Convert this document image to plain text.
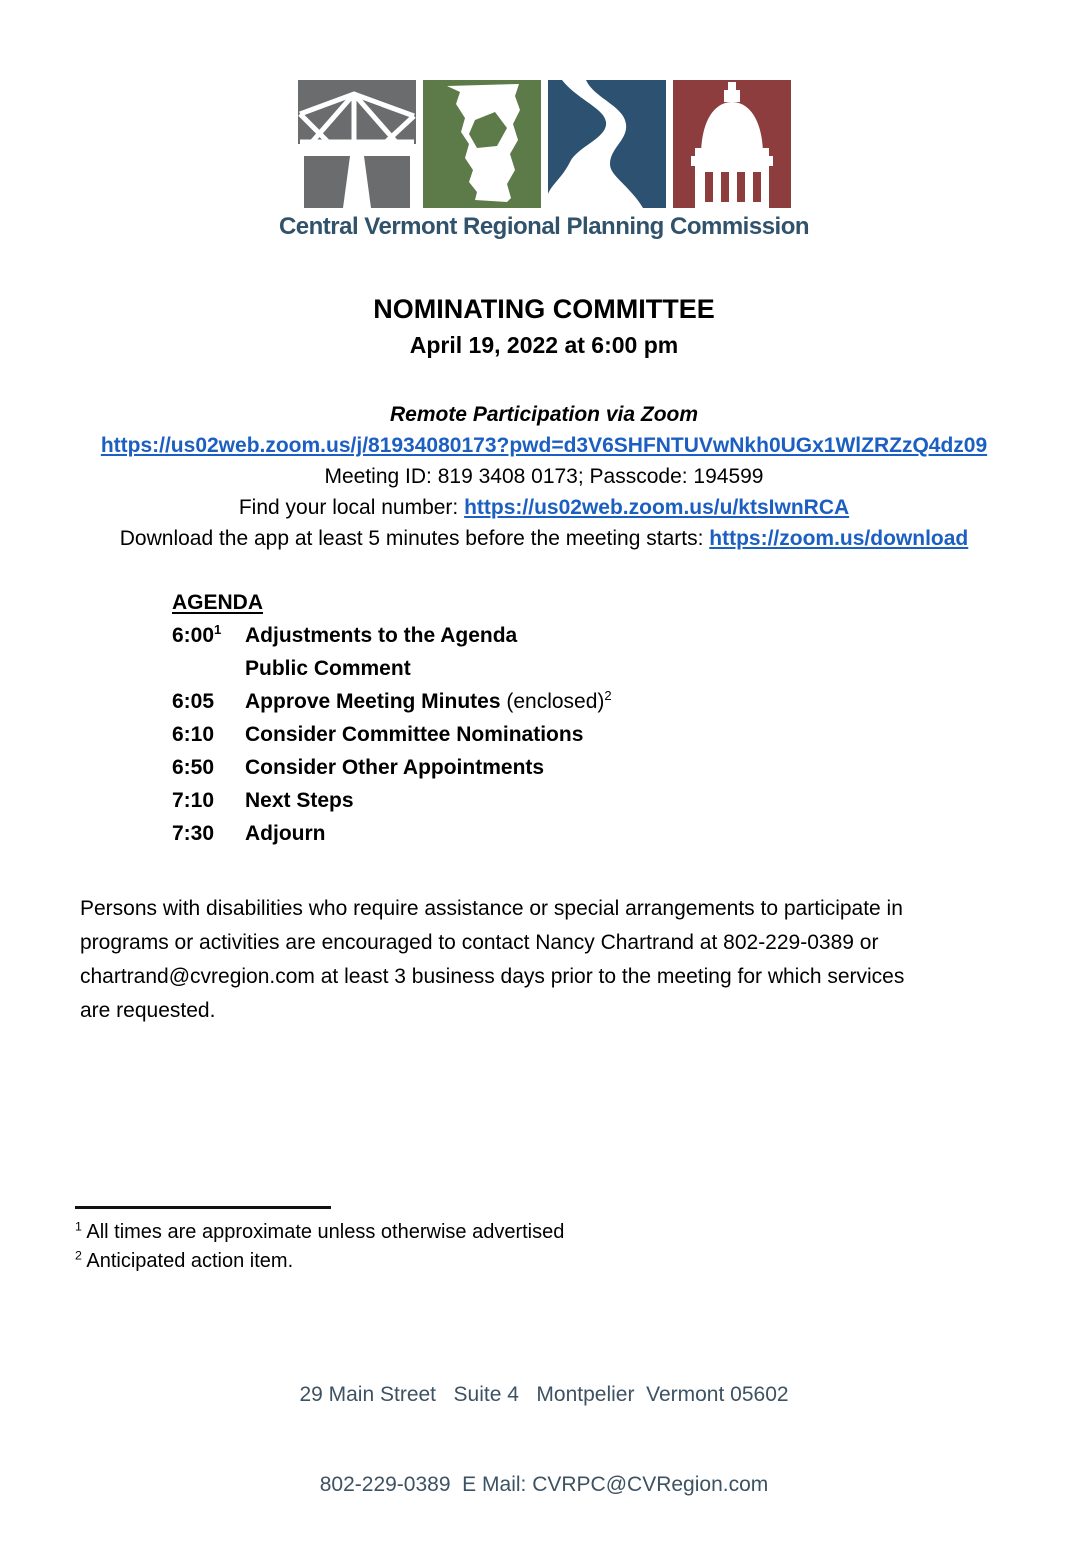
Central Vermont Regional Planning Commission
NOMINATING COMMITTEE
April 19, 2022 at 6:00 pm
Remote Participation via Zoom
https://us02web.zoom.us/j/81934080173?pwd=d3V6SHFNTUVwNkh0UGx1WlZRZzQ4dz09
Meeting ID: 819 3408 0173; Passcode: 194599
Find your local number: https://us02web.zoom.us/u/ktsIwnRCA
Download the app at least 5 minutes before the meeting starts: https://zoom.us/download
AGENDA
$6:00^1$	Adjustments to the Agenda
Public Comment
6:05	Approve Meeting Minutes (enclosed)$^2$
6:10	Consider Committee Nominations
6:50	Consider Other Appointments
7:10	Next Steps
7:30	Adjourn
Persons with disabilities who require assistance or special arrangements to participate in
programs or activities are encouraged to contact Nancy Chartrand at 802-229-0389 or
chartrand@cvregion.com at least 3 business days prior to the meeting for which services
are requested.
$^1$ All times are approximate unless otherwise advertised
$^2$ Anticipated action item.

29 Main Street   Suite 4   Montpelier  Vermont 05602

802-229-0389  E Mail: CVRPC@CVRegion.com
